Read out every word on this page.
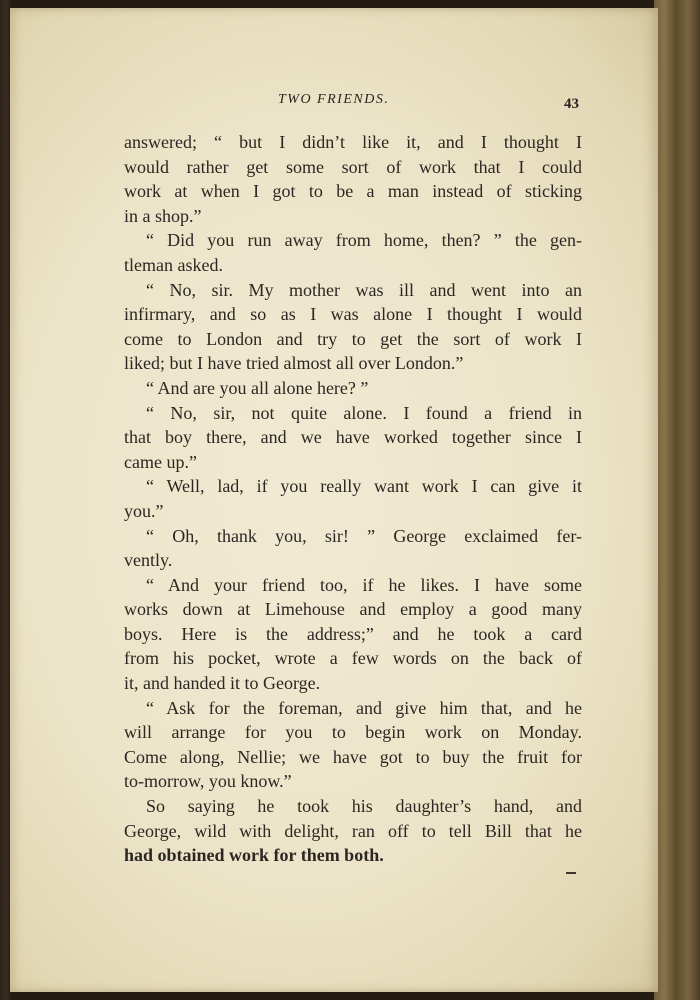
TWO FRIENDS.	43
answered; “ but I didn’t like it, and I thought I
would rather get some sort of work that I could
work at when I got to be a man instead of sticking
in a shop.”
“ Did you run away from home, then? ” the gen-
tleman asked.
“ No, sir. My mother was ill and went into an
infirmary, and so as I was alone I thought I would
come to London and try to get the sort of work I
liked; but I have tried almost all over London.”
“ And are you all alone here? ”
“ No, sir, not quite alone. I found a friend in
that boy there, and we have worked together since I
came up.”
“ Well, lad, if you really want work I can give it
you.”
“ Oh, thank you, sir! ” George exclaimed fer-
vently.
“ And your friend too, if he likes. I have some
works down at Limehouse and employ a good many
boys. Here is the address;” and he took a card
from his pocket, wrote a few words on the back of
it, and handed it to George.
“ Ask for the foreman, and give him that, and he
will arrange for you to begin work on Monday.
Come along, Nellie; we have got to buy the fruit for
to-morrow, you know.”
So saying he took his daughter’s hand, and
George, wild with delight, ran off to tell Bill that he
had obtained work for them both.
